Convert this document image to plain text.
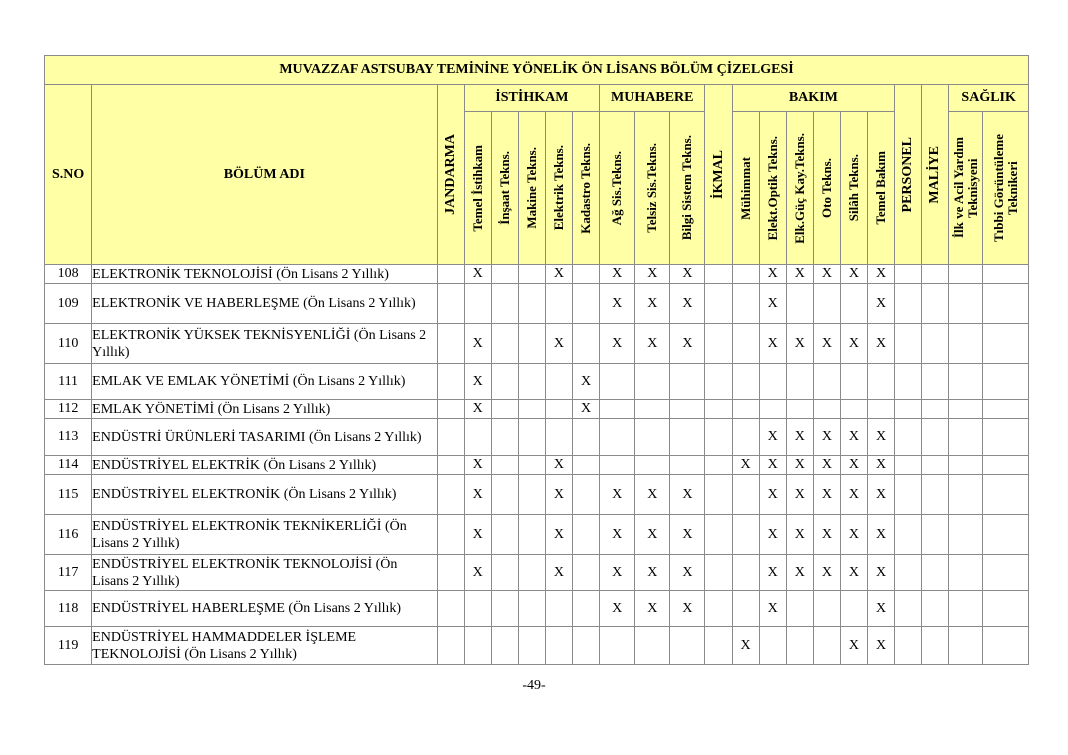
MUVAZZAF ASTSUBAY TEMİNİNE YÖNELİK ÖN LİSANS BÖLÜM ÇİZELGESİ																					
S.NO	BÖLÜM ADI	JANDARMA	İSTİHKAM					MUHABERE			İKMAL	BAKIM						PERSONEL	MALİYE	SAĞLIK	

			Temel İstihkam	İnşaat Tekns.	Makine Tekns.	Elektrik Tekns.	Kadastro Tekns.	Ağ Sis.Tekns.	Telsiz Sis.Tekns.	Bilgi Sistem Tekns.		Mühimmat	Elekt.Optik Tekns.	Elk.Güç Kay.Tekns.	Oto Tekns.	Silâh Tekns.	Temel Bakım			İlk ve Acil Yardım Teknisyeni	Tıbbi Görüntüleme Teknikeri

108	ELEKTRONİK TEKNOLOJİSİ (Ön Lisans 2 Yıllık)		X			X		X	X	X			X	X	X	X	X				
109	ELEKTRONİK VE HABERLEŞME (Ön Lisans 2 Yıllık)							X	X	X			X				X				
110	ELEKTRONİK YÜKSEK TEKNİSYENLİĞİ (Ön Lisans 2 Yıllık)		X			X		X	X	X			X	X	X	X	X				
111	EMLAK VE EMLAK YÖNETİMİ (Ön Lisans 2 Yıllık)		X				X														
112	EMLAK YÖNETİMİ (Ön Lisans 2 Yıllık)		X				X														
113	ENDÜSTRİ ÜRÜNLERİ TASARIMI (Ön Lisans 2 Yıllık)												X	X	X	X	X				
114	ENDÜSTRİYEL ELEKTRİK (Ön Lisans 2 Yıllık)		X			X						X	X	X	X	X	X				
115	ENDÜSTRİYEL ELEKTRONİK (Ön Lisans 2 Yıllık)		X			X		X	X	X			X	X	X	X	X				
116	ENDÜSTRİYEL ELEKTRONİK TEKNİKERLİĞİ (Ön Lisans 2 Yıllık)		X			X		X	X	X			X	X	X	X	X				
117	ENDÜSTRİYEL ELEKTRONİK TEKNOLOJİSİ (Ön Lisans 2 Yıllık)		X			X		X	X	X			X	X	X	X	X				
118	ENDÜSTRİYEL HABERLEŞME (Ön Lisans 2 Yıllık)							X	X	X			X				X				
119	ENDÜSTRİYEL HAMMADDELER İŞLEME TEKNOLOJİSİ (Ön Lisans 2 Yıllık)											X				X	X				
-49-
